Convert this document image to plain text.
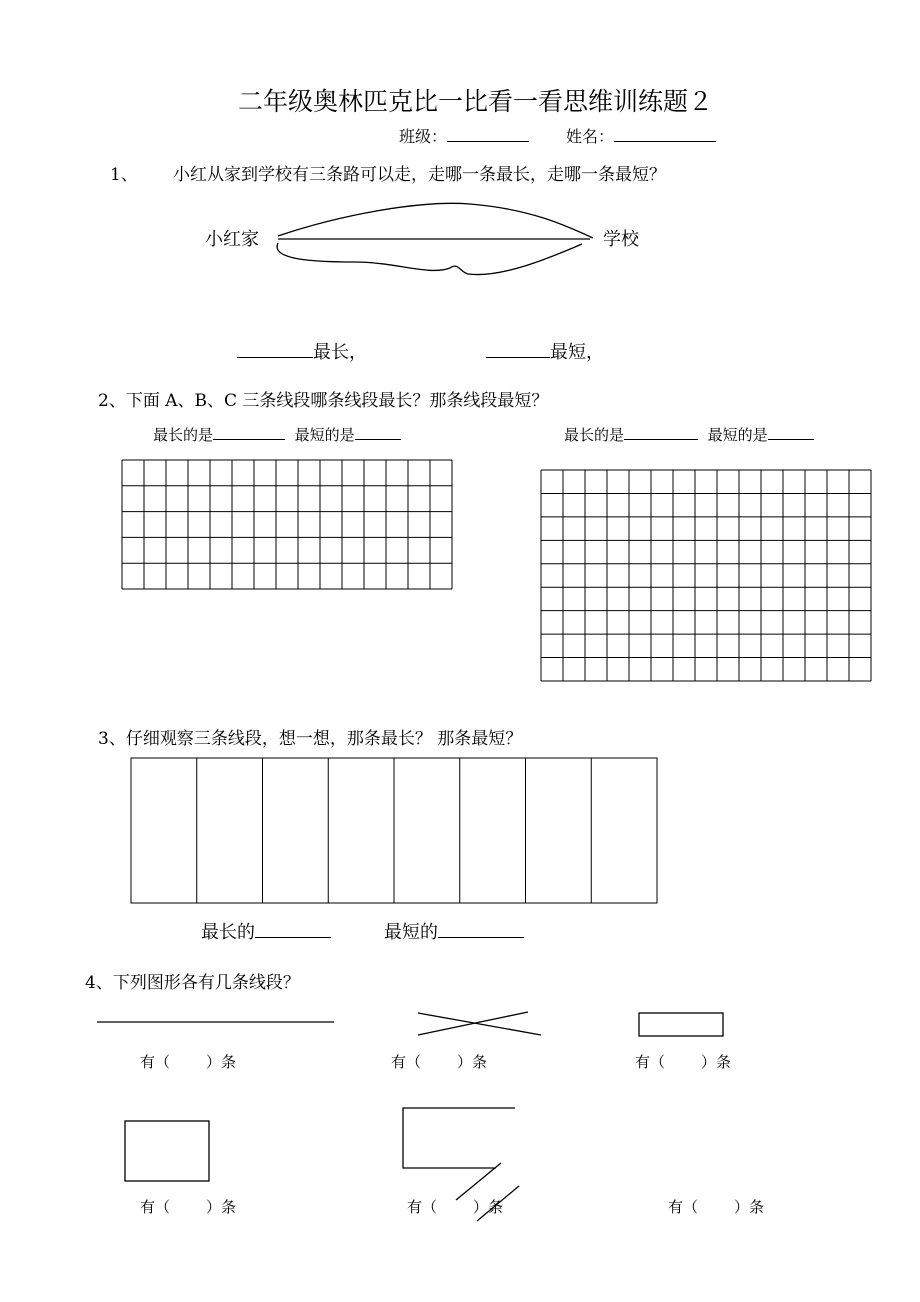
二年级奥林匹克比一比看一看思维训练题２
班级：	姓名：
1、 小红从家到学校有三条路可以走，走哪一条最长，走哪一条最短？
小红家	学校
最长，	最短，
2、下面 A、B、C 三条线段哪条线段最长？那条线段最短？
最长的是	最短的是	最长的是	最短的是
3、仔细观察三条线段，想一想，那条最长？ 那条最短？
最长的	最短的
4、下列图形各有几条线段？
有（ ）条	有（ ）条	有（ ）条
有（ ）条	有（ ）条	有（ ）条
